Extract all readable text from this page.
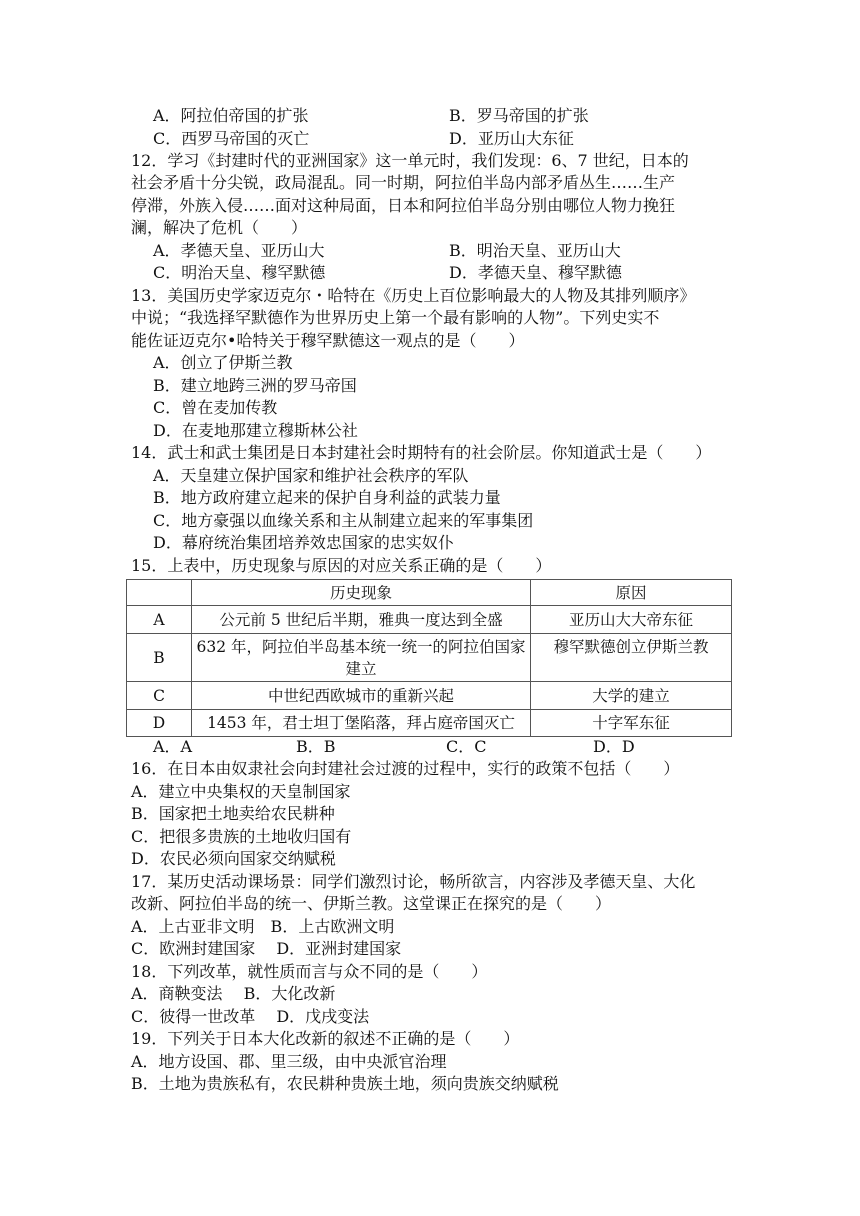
A．阿拉伯帝国的扩张	B．罗马帝国的扩张
C．西罗马帝国的灭亡	D．亚历山大东征
12．学习《封建时代的亚洲国家》这一单元时，我们发现：6、7 世纪，日本的
社会矛盾十分尖锐，政局混乱。同一时期，阿拉伯半岛内部矛盾丛生……生产
停滞，外族入侵……面对这种局面，日本和阿拉伯半岛分别由哪位人物力挽狂
澜，解决了危机（　　）
A．孝德天皇、亚历山大	B．明治天皇、亚历山大
C．明治天皇、穆罕默德	D．孝德天皇、穆罕默德
13．美国历史学家迈克尔・哈特在《历史上百位影响最大的人物及其排列顺序》
中说；“我选择罕默德作为世界历史上第一个最有影响的人物”。下列史实不
能佐证迈克尔•哈特关于穆罕默德这一观点的是（　　）
A．创立了伊斯兰教
B．建立地跨三洲的罗马帝国
C．曾在麦加传教
D．在麦地那建立穆斯林公社
14．武士和武士集团是日本封建社会时期特有的社会阶层。你知道武士是（　　）
A．天皇建立保护国家和维护社会秩序的军队
B．地方政府建立起来的保护自身利益的武装力量
C．地方豪强以血缘关系和主从制建立起来的军事集团
D．幕府统治集团培养效忠国家的忠实奴仆
15．上表中，历史现象与原因的对应关系正确的是（　　）
	历史现象	原因
A	公元前 5 世纪后半期，雅典一度达到全盛	亚历山大大帝东征
B	632 年，阿拉伯半岛基本统一统一的阿拉伯国家建立	穆罕默德创立伊斯兰教
C	中世纪西欧城市的重新兴起	大学的建立
D	1453 年，君士坦丁堡陷落，拜占庭帝国灭亡	十字军东征
A．A	B．B	C．C	D．D
16．在日本由奴隶社会向封建社会过渡的过程中，实行的政策不包括（　　）
A．建立中央集权的天皇制国家
B．国家把土地卖给农民耕种
C．把很多贵族的土地收归国有
D．农民必须向国家交纳赋税
17．某历史活动课场景：同学们激烈讨论，畅所欲言，内容涉及孝德天皇、大化
改新、阿拉伯半岛的统一、伊斯兰教。这堂课正在探究的是（　　）
A．上古亚非文明　B．上古欧洲文明
C．欧洲封建国家　 D．亚洲封建国家
18．下列改革，就性质而言与众不同的是（　　）
A．商鞅变法　 B．大化改新
C．彼得一世改革　 D．戊戌变法
19．下列关于日本大化改新的叙述不正确的是（　　）
A．地方设国、郡、里三级，由中央派官治理
B．土地为贵族私有，农民耕种贵族土地，须向贵族交纳赋税
